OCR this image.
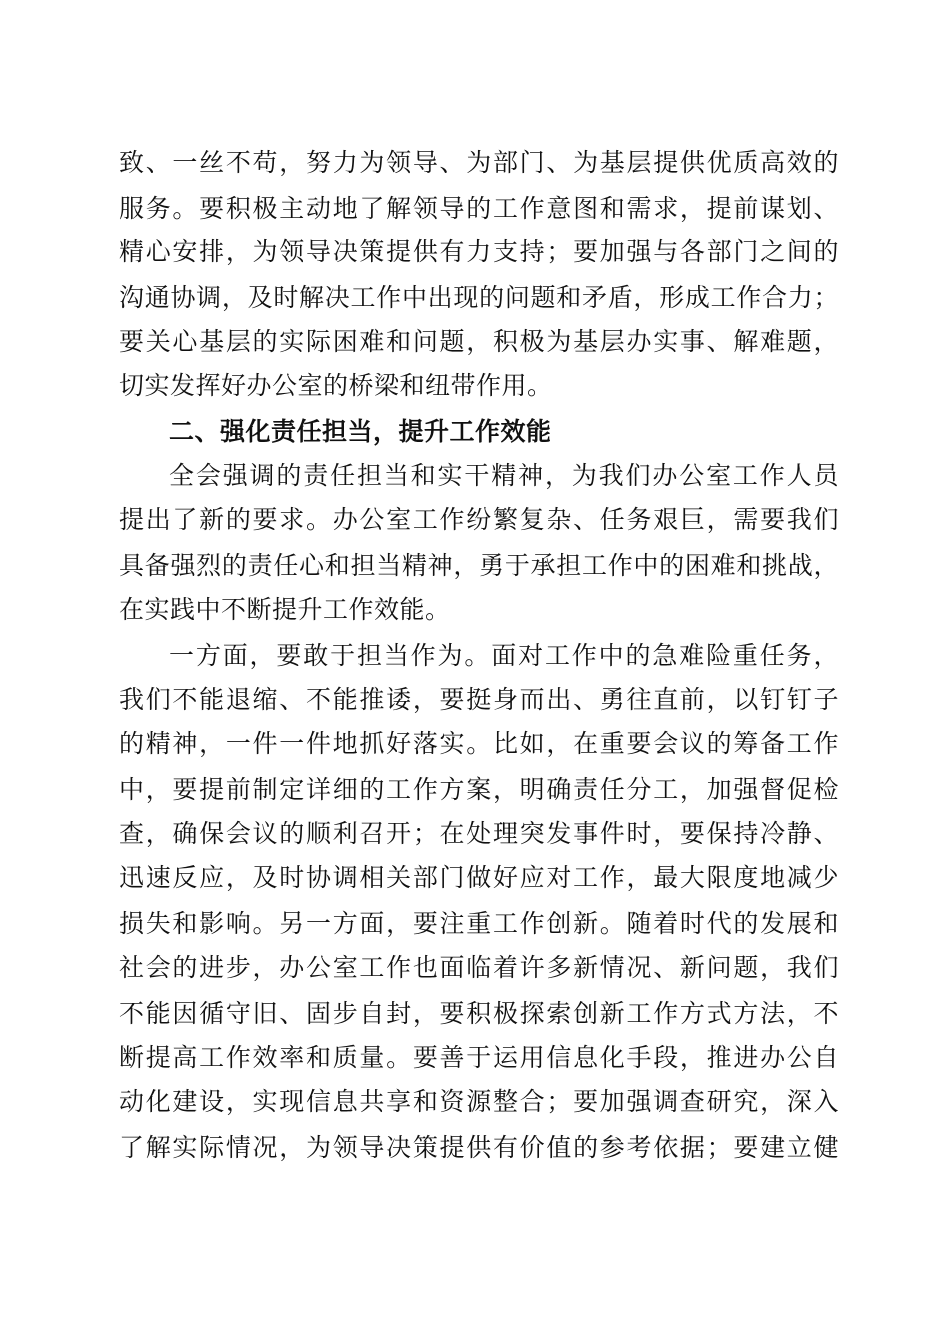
致、一丝不苟，努力为领导、为部门、为基层提供优质高效的
服务。要积极主动地了解领导的工作意图和需求，提前谋划、
精心安排，为领导决策提供有力支持；要加强与各部门之间的
沟通协调，及时解决工作中出现的问题和矛盾，形成工作合力；
要关心基层的实际困难和问题，积极为基层办实事、解难题，
切实发挥好办公室的桥梁和纽带作用。
二、强化责任担当，提升工作效能
全会强调的责任担当和实干精神，为我们办公室工作人员
提出了新的要求。办公室工作纷繁复杂、任务艰巨，需要我们
具备强烈的责任心和担当精神，勇于承担工作中的困难和挑战，
在实践中不断提升工作效能。
一方面，要敢于担当作为。面对工作中的急难险重任务，
我们不能退缩、不能推诿，要挺身而出、勇往直前，以钉钉子
的精神，一件一件地抓好落实。比如，在重要会议的筹备工作
中，要提前制定详细的工作方案，明确责任分工，加强督促检
查，确保会议的顺利召开；在处理突发事件时，要保持冷静、
迅速反应，及时协调相关部门做好应对工作，最大限度地减少
损失和影响。另一方面，要注重工作创新。随着时代的发展和
社会的进步，办公室工作也面临着许多新情况、新问题，我们
不能因循守旧、固步自封，要积极探索创新工作方式方法，不
断提高工作效率和质量。要善于运用信息化手段，推进办公自
动化建设，实现信息共享和资源整合；要加强调查研究，深入
了解实际情况，为领导决策提供有价值的参考依据；要建立健
